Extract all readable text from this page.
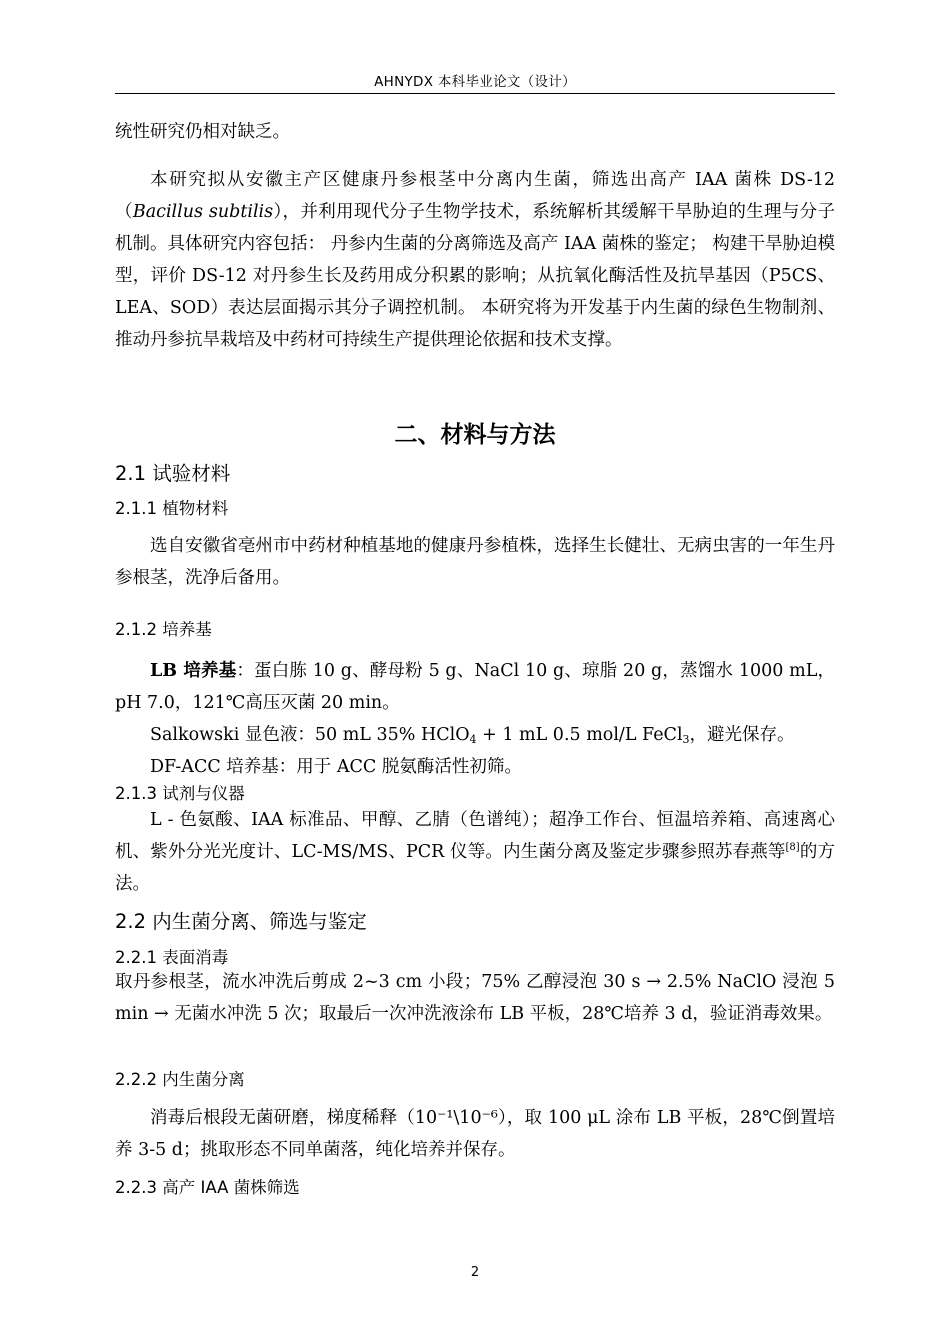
AHNYDX 本科毕业论文（设计）

统性研究仍相对缺乏。

本研究拟从安徽主产区健康丹参根茎中分离内生菌，筛选出高产 IAA 菌株 DS-12 （Bacillus subtilis），并利用现代分子生物学技术，系统解析其缓解干旱胁迫的生理与分子机制。具体研究内容包括： 丹参内生菌的分离筛选及高产 IAA 菌株的鉴定； 构建干旱胁迫模型，评价 DS-12 对丹参生长及药用成分积累的影响；从抗氧化酶活性及抗旱基因（P5CS、LEA、SOD）表达层面揭示其分子调控机制。 本研究将为开发基于内生菌的绿色生物制剂、推动丹参抗旱栽培及中药材可持续生产提供理论依据和技术支撑。

二、材料与方法
2.1 试验材料
2.1.1 植物材料

选自安徽省亳州市中药材种植基地的健康丹参植株，选择生长健壮、无病虫害的一年生丹参根茎，洗净后备用。

2.1.2 培养基

LB 培养基：蛋白胨 10 g、酵母粉 5 g、NaCl 10 g、琼脂 20 g，蒸馏水 1000 mL，pH 7.0，121℃高压灭菌 20 min。

Salkowski 显色液：50 mL 35% HClO$_4$ + 1 mL 0.5 mol/L FeCl$_3$，避光保存。

DF-ACC 培养基：用于 ACC 脱氨酶活性初筛。

2.1.3 试剂与仪器

L - 色氨酸、IAA 标准品、甲醇、乙腈（色谱纯）；超净工作台、恒温培养箱、高速离心机、紫外分光光度计、LC-MS/MS、PCR 仪等。内生菌分离及鉴定步骤参照苏春燕等[8]的方法。

2.2 内生菌分离、筛选与鉴定
2.2.1 表面消毒

取丹参根茎，流水冲洗后剪成 2~3 cm 小段；75% 乙醇浸泡 30 s → 2.5% NaClO 浸泡 5 min → 无菌水冲洗 5 次；取最后一次冲洗液涂布 LB 平板，28℃培养 3 d，验证消毒效果。

2.2.2 内生菌分离

消毒后根段无菌研磨，梯度稀释（10⁻¹\10⁻⁶），取 100 μL 涂布 LB 平板，28℃倒置培养 3-5 d；挑取形态不同单菌落，纯化培养并保存。

2.2.3 高产 IAA 菌株筛选
2
